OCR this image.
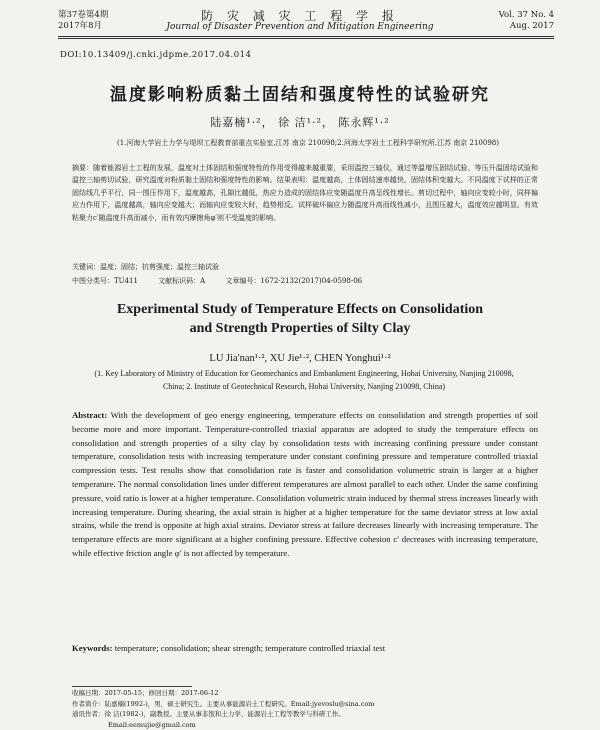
第37卷第4期
2017年8月
防 灾 减 灾 工 程 学 报
Journal of Disaster Prevention and Mitigation Engineering
Vol. 37 No. 4
Aug. 2017
DOI:10.13409/j.cnki.jdpme.2017.04.014
温度影响粉质黏土固结和强度特性的试验研究
陆嘉楠¹·²， 徐 洁¹·²， 陈永辉¹·²
(1.河海大学岩土力学与堤坝工程教育部重点实验室,江苏 南京 210098;2.河海大学岩土工程科学研究所,江苏 南京 210098)

摘要：随着能源岩土工程的发展，温度对土体固结和强度特性的作用受得越来越重要，采用温控三轴仪，通过等温增压固结试验、等压升温固结试验和温控三轴剪切试验，研究温度对粉质黏土固结和强度特性的影响。结果表明：温度越高，土体固结速率越快，固结体积变越大。不同温度下试样的正常固结线几乎平行，同一围压作用下，温度越高，孔隙比越低，热应力造成的固结体应变随温度升高呈线性增长。剪切过程中，轴向应变较小时，同样偏应力作用下，温度越高，轴向应变越大；而轴向应变较大时，趋势相反。试样破坏偏应力随温度升高而线性减小，且围压越大，温度效应越明显。有效粘聚力c′随温度升高而减小，而有效内摩擦角φ′则不受温度的影响。

关键词：温度；固结；抗剪强度；温控三轴试验
中图分类号：TU411	文献标识码：A	文章编号：1672-2132(2017)04-0598-06
Experimental Study of Temperature Effects on Consolidation
and Strength Properties of Silty Clay
LU Jia'nan¹·², XU Jie¹·², CHEN Yonghui¹·²
(1. Key Laboratory of Ministry of Education for Geomechanics and Embankment Engineering, Hohai University, Nanjing 210098, China; 2. Institute of Geotechnical Research, Hohai University, Nanjing 210098, China)

Abstract: With the development of geo energy engineering, temperature effects on consolidation and strength properties of soil become more and more important. Temperature-controlled triaxial apparatus are adopted to study the temperature effects on consolidation and strength properties of a silty clay by consolidation tests with increasing confining pressure under constant temperature, consolidation tests with increasing temperature under constant confining pressure and temperature controlled triaxial compression tests. Test results show that consolidation rate is faster and consolidation volumetric strain is larger at a higher temperature. The normal consolidation lines under different temperatures are almost parallel to each other. Under the same confining pressure, void ratio is lower at a higher temperature. Consolidation volumetric strain induced by thermal stress increases linearly with increasing temperature. During shearing, the axial strain is higher at a higher temperature for the same deviator stress at low axial strains, while the trend is opposite at high axial strains. Deviator stress at failure decreases linearly with increasing temperature. The temperature effects are more significant at a higher confining pressure. Effective cohesion c′ decreases with increasing temperature, while effective friction angle φ′ is not affected by temperature.

Keywords: temperature; consolidation; shear strength; temperature controlled triaxial test
收稿日期：2017-05-15；修回日期：2017-06-12
作者简介：陆嘉楠(1992-)，男，硕士研究生。主要从事能源岩土工程研究。Email:jyevoslu@sina.com
通讯作者：徐 洁(1982-)，副教授。主要从事非饱和土力学、能源岩土工程等教学与科研工作。
Email:eemujie@gmail.com
